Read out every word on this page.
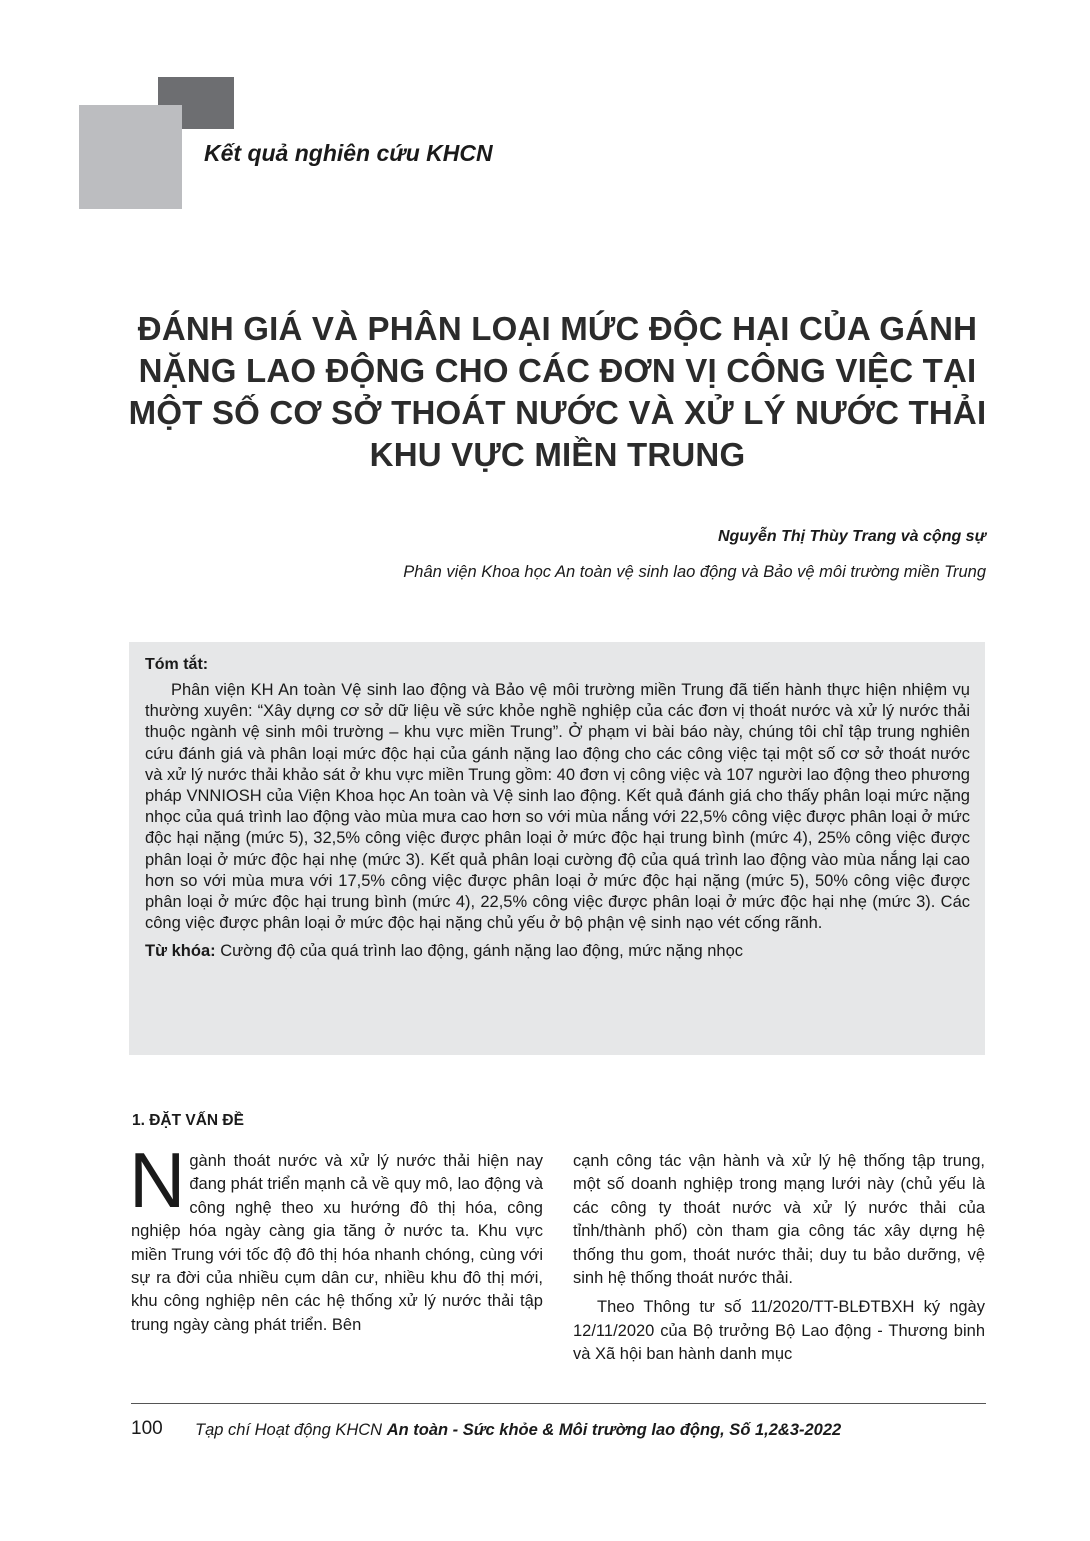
Kết quả nghiên cứu KHCN
ĐÁNH GIÁ VÀ PHÂN LOẠI MỨC ĐỘC HẠI CỦA GÁNH NẶNG LAO ĐỘNG CHO CÁC ĐƠN VỊ CÔNG VIỆC TẠI MỘT SỐ CƠ SỞ THOÁT NƯỚC VÀ XỬ LÝ NƯỚC THẢI KHU VỰC MIỀN TRUNG
Nguyễn Thị Thùy Trang và cộng sự
Phân viện Khoa học An toàn vệ sinh lao động và Bảo vệ môi trường miền Trung
Tóm tắt:

Phân viện KH An toàn Vệ sinh lao động và Bảo vệ môi trường miền Trung đã tiến hành thực hiện nhiệm vụ thường xuyên: “Xây dựng cơ sở dữ liệu về sức khỏe nghề nghiệp của các đơn vị thoát nước và xử lý nước thải thuộc ngành vệ sinh môi trường – khu vực miền Trung”. Ở phạm vi bài báo này, chúng tôi chỉ tập trung nghiên cứu đánh giá và phân loại mức độc hại của gánh nặng lao động cho các công việc tại một số cơ sở thoát nước và xử lý nước thải khảo sát ở khu vực miền Trung gồm: 40 đơn vị công việc và 107 người lao động theo phương pháp VNNIOSH của Viện Khoa học An toàn và Vệ sinh lao động. Kết quả đánh giá cho thấy phân loại mức nặng nhọc của quá trình lao động vào mùa mưa cao hơn so với mùa nắng với 22,5% công việc được phân loại ở mức độc hại nặng (mức 5), 32,5% công việc được phân loại ở mức độc hại trung bình (mức 4), 25% công việc được phân loại ở mức độc hại nhẹ (mức 3). Kết quả phân loại cường độ của quá trình lao động vào mùa nắng lại cao hơn so với mùa mưa với 17,5% công việc được phân loại ở mức độc hại nặng (mức 5), 50% công việc được phân loại ở mức độc hại trung bình (mức 4), 22,5% công việc được phân loại ở mức độc hại nhẹ (mức 3). Các công việc được phân loại ở mức độc hại nặng chủ yếu ở bộ phận vệ sinh nạo vét cống rãnh.

Từ khóa: Cường độ của quá trình lao động, gánh nặng lao động, mức nặng nhọc
1. ĐẶT VẤN ĐỀ

Ngành thoát nước và xử lý nước thải hiện nay đang phát triển mạnh cả về quy mô, lao động và công nghệ theo xu hướng đô thị hóa, công nghiệp hóa ngày càng gia tăng ở nước ta. Khu vực miền Trung với tốc độ đô thị hóa nhanh chóng, cùng với sự ra đời của nhiều cụm dân cư, nhiều khu đô thị mới, khu công nghiệp nên các hệ thống xử lý nước thải tập trung ngày càng phát triển. Bên

cạnh công tác vận hành và xử lý hệ thống tập trung, một số doanh nghiệp trong mạng lưới này (chủ yếu là các công ty thoát nước và xử lý nước thải của tỉnh/thành phố) còn tham gia công tác xây dựng hệ thống thu gom, thoát nước thải; duy tu bảo dưỡng, vệ sinh hệ thống thoát nước thải.

Theo Thông tư số 11/2020/TT-BLĐTBXH ký ngày 12/11/2020 của Bộ trưởng Bộ Lao động - Thương binh và Xã hội ban hành danh mục

100 Tạp chí Hoạt động KHCN An toàn - Sức khỏe & Môi trường lao động, Số 1,2&3-2022
